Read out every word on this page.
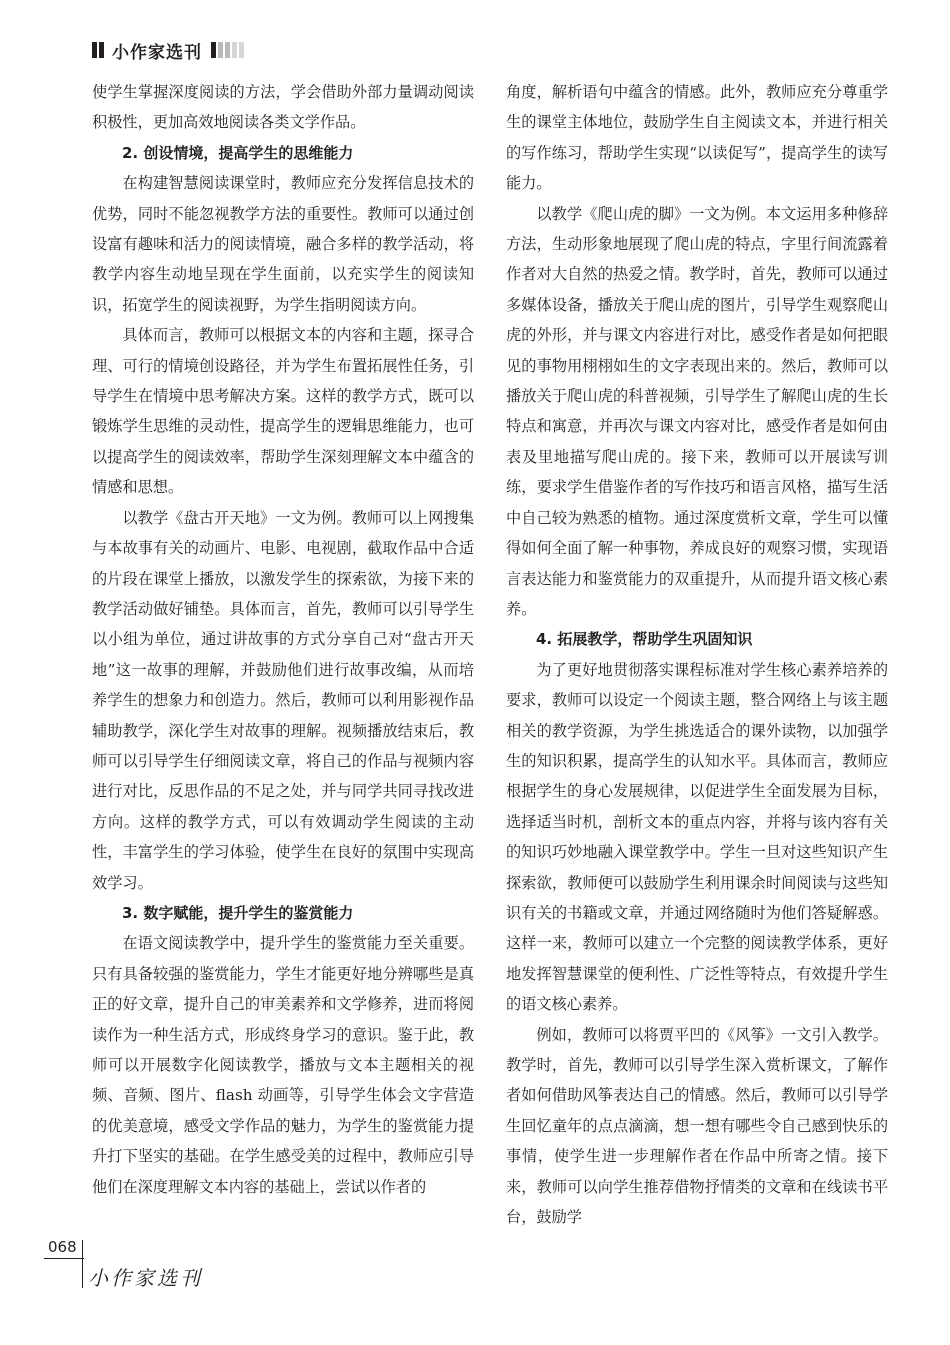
小作家选刊

使学生掌握深度阅读的方法，学会借助外部力量调动阅读积极性，更加高效地阅读各类文学作品。

2. 创设情境，提高学生的思维能力

在构建智慧阅读课堂时，教师应充分发挥信息技术的优势，同时不能忽视教学方法的重要性。教师可以通过创设富有趣味和活力的阅读情境，融合多样的教学活动，将教学内容生动地呈现在学生面前，以充实学生的阅读知识，拓宽学生的阅读视野，为学生指明阅读方向。

具体而言，教师可以根据文本的内容和主题，探寻合理、可行的情境创设路径，并为学生布置拓展性任务，引导学生在情境中思考解决方案。这样的教学方式，既可以锻炼学生思维的灵动性，提高学生的逻辑思维能力，也可以提高学生的阅读效率，帮助学生深刻理解文本中蕴含的情感和思想。

以教学《盘古开天地》一文为例。教师可以上网搜集与本故事有关的动画片、电影、电视剧，截取作品中合适的片段在课堂上播放，以激发学生的探索欲，为接下来的教学活动做好铺垫。具体而言，首先，教师可以引导学生以小组为单位，通过讲故事的方式分享自己对“盘古开天地”这一故事的理解，并鼓励他们进行故事改编，从而培养学生的想象力和创造力。然后，教师可以利用影视作品辅助教学，深化学生对故事的理解。视频播放结束后，教师可以引导学生仔细阅读文章，将自己的作品与视频内容进行对比，反思作品的不足之处，并与同学共同寻找改进方向。这样的教学方式，可以有效调动学生阅读的主动性，丰富学生的学习体验，使学生在良好的氛围中实现高效学习。

3. 数字赋能，提升学生的鉴赏能力

在语文阅读教学中，提升学生的鉴赏能力至关重要。只有具备较强的鉴赏能力，学生才能更好地分辨哪些是真正的好文章，提升自己的审美素养和文学修养，进而将阅读作为一种生活方式，形成终身学习的意识。鉴于此，教师可以开展数字化阅读教学，播放与文本主题相关的视频、音频、图片、flash 动画等，引导学生体会文字营造的优美意境，感受文学作品的魅力，为学生的鉴赏能力提升打下坚实的基础。在学生感受美的过程中，教师应引导他们在深度理解文本内容的基础上，尝试以作者的

角度，解析语句中蕴含的情感。此外，教师应充分尊重学生的课堂主体地位，鼓励学生自主阅读文本，并进行相关的写作练习，帮助学生实现“以读促写”，提高学生的读写能力。

以教学《爬山虎的脚》一文为例。本文运用多种修辞方法，生动形象地展现了爬山虎的特点，字里行间流露着作者对大自然的热爱之情。教学时，首先，教师可以通过多媒体设备，播放关于爬山虎的图片，引导学生观察爬山虎的外形，并与课文内容进行对比，感受作者是如何把眼见的事物用栩栩如生的文字表现出来的。然后，教师可以播放关于爬山虎的科普视频，引导学生了解爬山虎的生长特点和寓意，并再次与课文内容对比，感受作者是如何由表及里地描写爬山虎的。接下来，教师可以开展读写训练，要求学生借鉴作者的写作技巧和语言风格，描写生活中自己较为熟悉的植物。通过深度赏析文章，学生可以懂得如何全面了解一种事物，养成良好的观察习惯，实现语言表达能力和鉴赏能力的双重提升，从而提升语文核心素养。

4. 拓展教学，帮助学生巩固知识

为了更好地贯彻落实课程标准对学生核心素养培养的要求，教师可以设定一个阅读主题，整合网络上与该主题相关的教学资源，为学生挑选适合的课外读物，以加强学生的知识积累，提高学生的认知水平。具体而言，教师应根据学生的身心发展规律，以促进学生全面发展为目标，选择适当时机，剖析文本的重点内容，并将与该内容有关的知识巧妙地融入课堂教学中。学生一旦对这些知识产生探索欲，教师便可以鼓励学生利用课余时间阅读与这些知识有关的书籍或文章，并通过网络随时为他们答疑解惑。这样一来，教师可以建立一个完整的阅读教学体系，更好地发挥智慧课堂的便利性、广泛性等特点，有效提升学生的语文核心素养。

例如，教师可以将贾平凹的《风筝》一文引入教学。教学时，首先，教师可以引导学生深入赏析课文，了解作者如何借助风筝表达自己的情感。然后，教师可以引导学生回忆童年的点点滴滴，想一想有哪些令自己感到快乐的事情，使学生进一步理解作者在作品中所寄之情。接下来，教师可以向学生推荐借物抒情类的文章和在线读书平台，鼓励学

068
小作家选刊
